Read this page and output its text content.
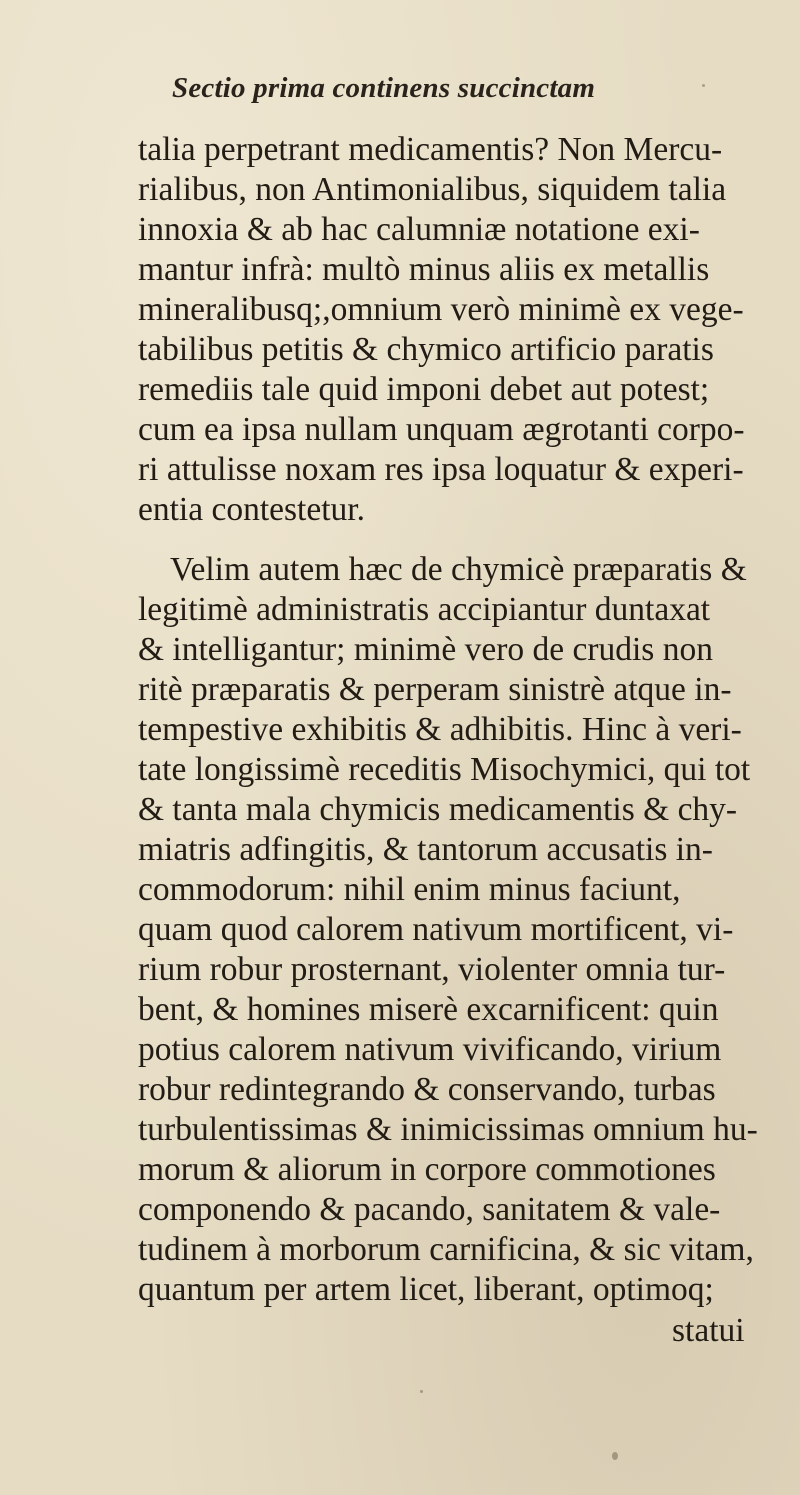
Sectio prima continens succinctam
talia perpetrant medicamentis? Non Mercu-
rialibus, non Antimonialibus, siquidem talia
innoxia & ab hac calumniæ notatione exi-
mantur infrà: multò minus aliis ex metallis
mineralibusq;,omnium verò minimè ex vege-
tabilibus petitis & chymico artificio paratis
remediis tale quid imponi debet aut potest;
cum ea ipsa nullam unquam ægrotanti corpo-
ri attulisse noxam res ipsa loquatur & experi-
entia contestetur.
Velim autem hæc de chymicè præparatis &
legitimè administratis accipiantur duntaxat
& intelligantur; minimè vero de crudis non
ritè præparatis & perperam sinistrè atque in-
tempestive exhibitis & adhibitis. Hinc à veri-
tate longissimè receditis Misochymici, qui tot
& tanta mala chymicis medicamentis & chy-
miatris adfingitis, & tantorum accusatis in-
commodorum: nihil enim minus faciunt,
quam quod calorem nativum mortificent, vi-
rium robur prosternant, violenter omnia tur-
bent, & homines miserè excarnificent: quin
potius calorem nativum vivificando, virium
robur redintegrando & conservando, turbas
turbulentissimas & inimicissimas omnium hu-
morum & aliorum in corpore commotiones
componendo & pacando, sanitatem & vale-
tudinem à morborum carnificina, & sic vitam,
quantum per artem licet, liberant, optimoq;
statui
